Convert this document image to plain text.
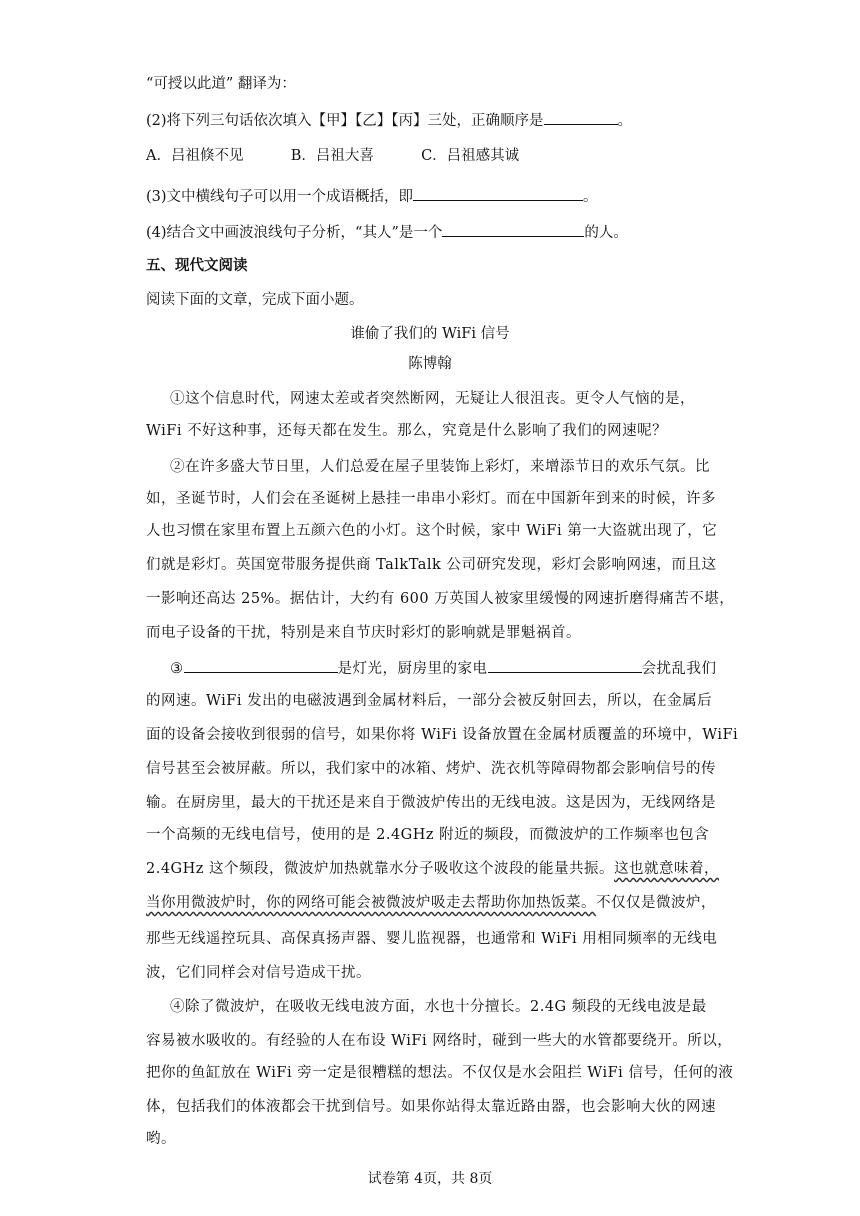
“可授以此道” 翻译为：
(2)将下列三句话依次填入【甲】【乙】【丙】三处，正确顺序是	。
A．吕祖倏不见	B．吕祖大喜	C．吕祖感其诚
(3)文中横线句子可以用一个成语概括，即	。
(4)结合文中画波浪线句子分析，“其人”是一个	的人。
五、现代文阅读
阅读下面的文章，完成下面小题。
谁偷了我们的 WiFi 信号
陈博翰
①这个信息时代，网速太差或者突然断网，无疑让人很沮丧。更令人气恼的是，
WiFi 不好这种事，还每天都在发生。那么，究竟是什么影响了我们的网速呢？
②在许多盛大节日里，人们总爱在屋子里装饰上彩灯，来增添节日的欢乐气氛。比
如，圣诞节时，人们会在圣诞树上悬挂一串串小彩灯。而在中国新年到来的时候，许多
人也习惯在家里布置上五颜六色的小灯。这个时候，家中 WiFi 第一大盗就出现了，它
们就是彩灯。英国宽带服务提供商 TalkTalk 公司研究发现，彩灯会影响网速，而且这
一影响还高达 25%。据估计，大约有 600 万英国人被家里缓慢的网速折磨得痛苦不堪，
而电子设备的干扰，特别是来自节庆时彩灯的影响就是罪魁祸首。
③	是灯光，厨房里的家电	会扰乱我们
的网速。WiFi 发出的电磁波遇到金属材料后，一部分会被反射回去，所以，在金属后
面的设备会接收到很弱的信号，如果你将 WiFi 设备放置在金属材质覆盖的环境中，WiFi
信号甚至会被屏蔽。所以，我们家中的冰箱、烤炉、洗衣机等障碍物都会影响信号的传
输。在厨房里，最大的干扰还是来自于微波炉传出的无线电波。这是因为，无线网络是
一个高频的无线电信号，使用的是 2.4GHz 附近的频段，而微波炉的工作频率也包含
2.4GHz 这个频段，微波炉加热就靠水分子吸收这个波段的能量共振。这也就意味着，
当你用微波炉时，你的网络可能会被微波炉吸走去帮助你加热饭菜。不仅仅是微波炉，
那些无线遥控玩具、高保真扬声器、婴儿监视器，也通常和 WiFi 用相同频率的无线电
波，它们同样会对信号造成干扰。
④除了微波炉，在吸收无线电波方面，水也十分擅长。2.4G 频段的无线电波是最
容易被水吸收的。有经验的人在布设 WiFi 网络时，碰到一些大的水管都要绕开。所以，
把你的鱼缸放在 WiFi 旁一定是很糟糕的想法。不仅仅是水会阻拦 WiFi 信号，任何的液
体，包括我们的体液都会干扰到信号。如果你站得太靠近路由器，也会影响大伙的网速
哟。
试卷第 4页，共 8页
